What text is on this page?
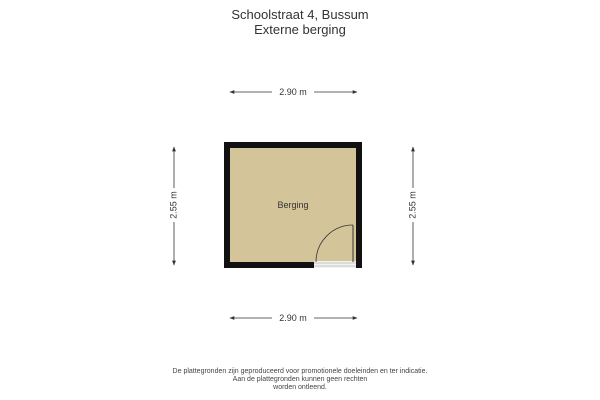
Schoolstraat 4, Bussum
Externe berging
2.90 m
2.90 m
2.55 m	2.55 m
Berging
De plattegronden zijn geproduceerd voor promotionele doeleinden en ter indicatie.
Aan de plattegronden kunnen geen rechten
worden ontleend.
